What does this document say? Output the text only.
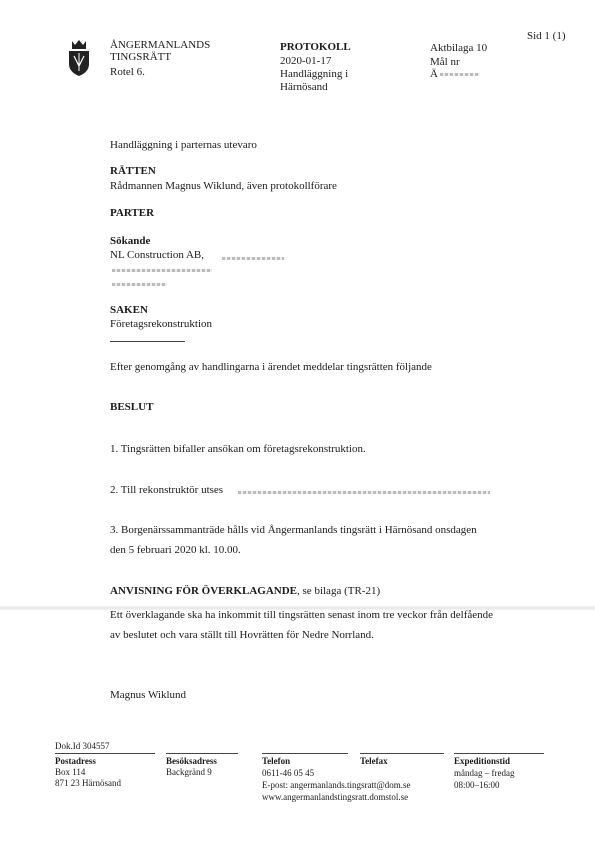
Sid 1 (1)
ÅNGERMANLANDS
TINGSRÄTT
Rotel 6.
PROTOKOLL
2020-01-17
Handläggning i
Härnösand
Aktbilaga 10
Mål nr
Ä
Handläggning i parternas utevaro
RÄTTEN
Rådmannen Magnus Wiklund, även protokollförare
PARTER
Sökande
NL Construction AB,
SAKEN
Företagsrekonstruktion
Efter genomgång av handlingarna i ärendet meddelar tingsrätten följande
BESLUT
1. Tingsrätten bifaller ansökan om företagsrekonstruktion.
2. Till rekonstruktör utses
3. Borgenärssammanträde hålls vid Ångermanlands tingsrätt i Härnösand onsdagen
den 5 februari 2020 kl. 10.00.
ANVISNING FÖR ÖVERKLAGANDE, se bilaga (TR-21)
Ett överklagande ska ha inkommit till tingsrätten senast inom tre veckor från delfående
av beslutet och vara ställt till Hovrätten för Nedre Norrland.
Magnus Wiklund
Dok.Id 304557
Postadress
Box 114
871 23 Härnösand
Besöksadress
Backgränd 9
Telefon
0611-46 05 45
E-post: angermanlands.tingsratt@dom.se
www.angermanlandstingsratt.domstol.se
Telefax	Expeditionstid
måndag – fredag
08:00–16:00
